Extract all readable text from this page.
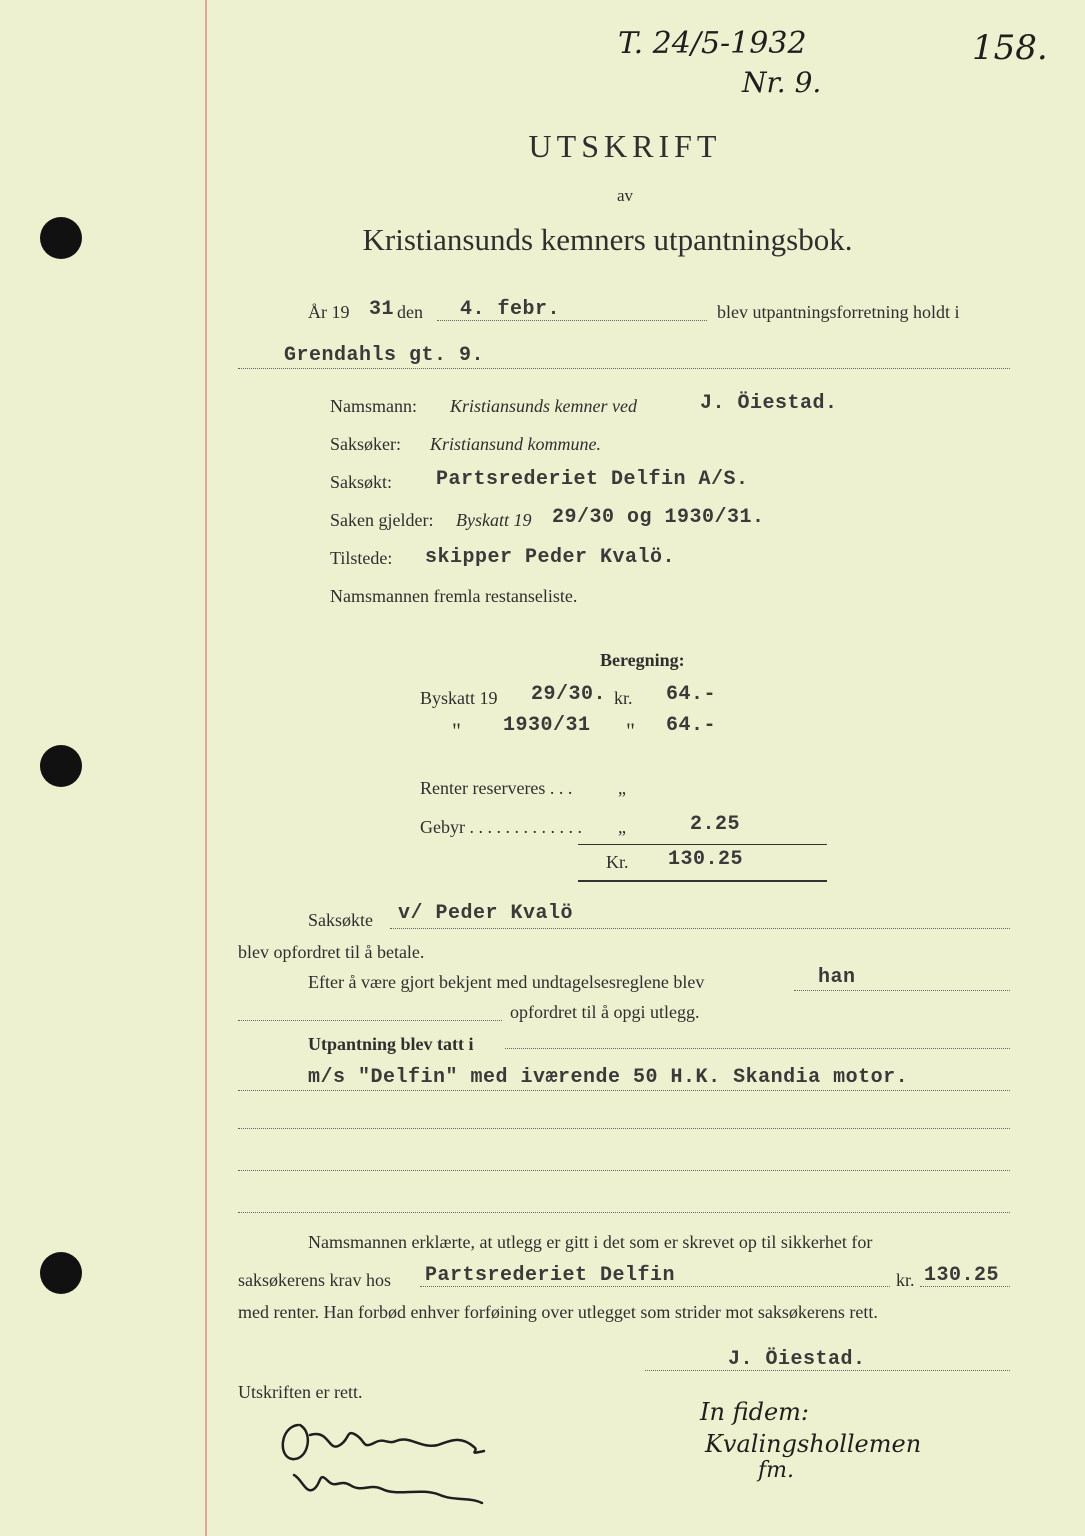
T. 24/5-1932
Nr. 9.
158.
UTSKRIFT
av
Kristiansunds kemners utpantningsbok.
År 19 31 den 4. febr.	blev utpantningsforretning holdt i
Grendahls gt. 9.
Namsmann: Kristiansunds kemner ved	J. Öiestad.
Saksøker: Kristiansund kommune.
Saksøkt: Partsrederiet Delfin A/S.
Saken gjelder: Byskatt 19 29/30 og 1930/31.
Tilstede: skipper Peder Kvalö.
Namsmannen fremla restanseliste.
Beregning:
Byskatt 19 29/30. kr. 64.-
" 1930/31 " 64.-
Renter reserveres . . .	„
Gebyr . . . . . . . . . . . . . „	2.25
Kr. 130.25
Saksøkte v/ Peder Kvalö
blev opfordret til å betale.
Efter å være gjort bekjent med undtagelsesreglene blev	han
opfordret til å opgi utlegg.
Utpantning blev tatt i
m/s "Delfin" med iværende 50 H.K. Skandia motor.
Namsmannen erklærte, at utlegg er gitt i det som er skrevet op til sikkerhet for
saksøkerens krav hos Partsrederiet Delfin	kr. 130.25
med renter. Han forbød enhver forføining over utlegget som strider mot saksøkerens rett.
J. Öiestad.
Utskriften er rett.
In fidem:
Kvalingshollemen
fm.
